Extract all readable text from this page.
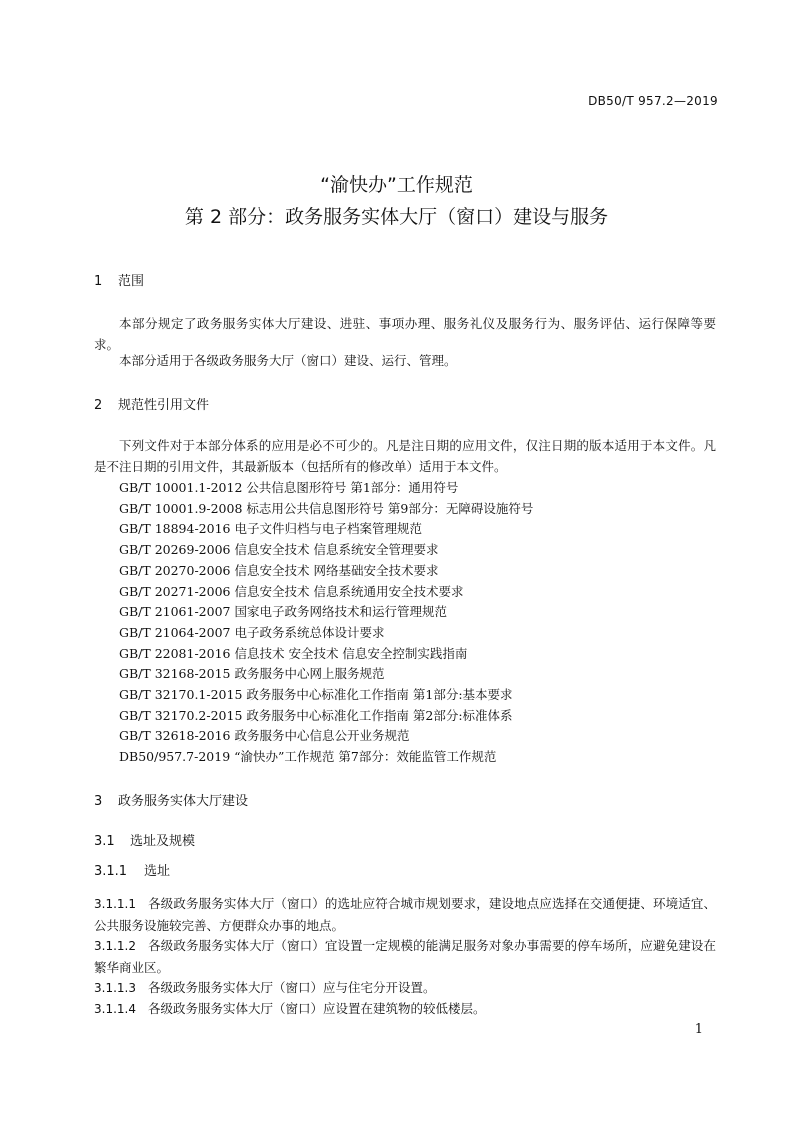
DB50/T 957.2—2019
“渝快办”工作规范
第 2 部分：政务服务实体大厅（窗口）建设与服务
1 范围

本部分规定了政务服务实体大厅建设、进驻、事项办理、服务礼仪及服务行为、服务评估、运行保障等要求。

本部分适用于各级政务服务大厅（窗口）建设、运行、管理。

2 规范性引用文件

下列文件对于本部分体系的应用是必不可少的。凡是注日期的应用文件，仅注日期的版本适用于本文件。凡是不注日期的引用文件，其最新版本（包括所有的修改单）适用于本文件。

GB/T 10001.1-2012 公共信息图形符号 第1部分：通用符号
GB/T 10001.9-2008 标志用公共信息图形符号 第9部分：无障碍设施符号
GB/T 18894-2016 电子文件归档与电子档案管理规范
GB/T 20269-2006 信息安全技术 信息系统安全管理要求
GB/T 20270-2006 信息安全技术 网络基础安全技术要求
GB/T 20271-2006 信息安全技术 信息系统通用安全技术要求
GB/T 21061-2007 国家电子政务网络技术和运行管理规范
GB/T 21064-2007 电子政务系统总体设计要求
GB/T 22081-2016 信息技术 安全技术 信息安全控制实践指南
GB/T 32168-2015 政务服务中心网上服务规范
GB/T 32170.1-2015 政务服务中心标准化工作指南 第1部分:基本要求
GB/T 32170.2-2015 政务服务中心标准化工作指南 第2部分:标准体系
GB/T 32618-2016 政务服务中心信息公开业务规范
DB50/957.7-2019 “渝快办”工作规范 第7部分：效能监管工作规范
3 政务服务实体大厅建设
3.1 选址及规模
3.1.1 选址

3.1.1.1 各级政务服务实体大厅（窗口）的选址应符合城市规划要求，建设地点应选择在交通便捷、环境适宜、公共服务设施较完善、方便群众办事的地点。

3.1.1.2 各级政务服务实体大厅（窗口）宜设置一定规模的能满足服务对象办事需要的停车场所，应避免建设在繁华商业区。

3.1.1.3 各级政务服务实体大厅（窗口）应与住宅分开设置。

3.1.1.4 各级政务服务实体大厅（窗口）应设置在建筑物的较低楼层。

1
